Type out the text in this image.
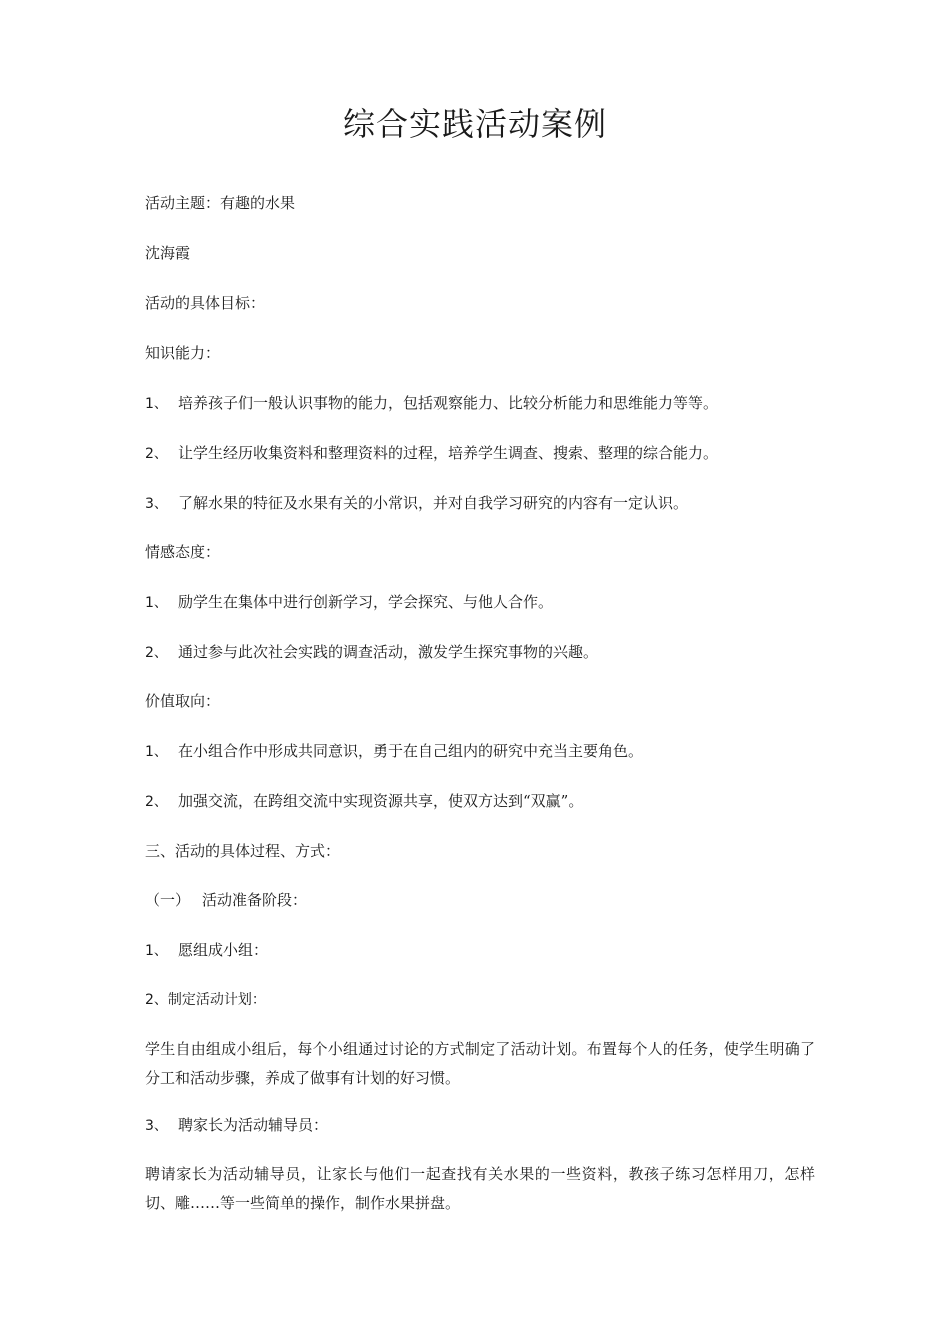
综合实践活动案例

活动主题：有趣的水果

沈海霞

活动的具体目标：

知识能力：

1、 培养孩子们一般认识事物的能力，包括观察能力、比较分析能力和思维能力等等。

2、 让学生经历收集资料和整理资料的过程，培养学生调查、搜索、整理的综合能力。

3、 了解水果的特征及水果有关的小常识，并对自我学习研究的内容有一定认识。

情感态度：

1、 励学生在集体中进行创新学习，学会探究、与他人合作。

2、 通过参与此次社会实践的调查活动，激发学生探究事物的兴趣。

价值取向：

1、 在小组合作中形成共同意识，勇于在自己组内的研究中充当主要角色。

2、 加强交流，在跨组交流中实现资源共享，使双方达到“双赢”。

三、活动的具体过程、方式：

（一） 活动准备阶段：

1、 愿组成小组：

2、制定活动计划：

学生自由组成小组后，每个小组通过讨论的方式制定了活动计划。布置每个人的任务，使学生明确了分工和活动步骤，养成了做事有计划的好习惯。

3、 聘家长为活动辅导员：

聘请家长为活动辅导员，让家长与他们一起查找有关水果的一些资料，教孩子练习怎样用刀，怎样切、雕……等一些简单的操作，制作水果拼盘。
